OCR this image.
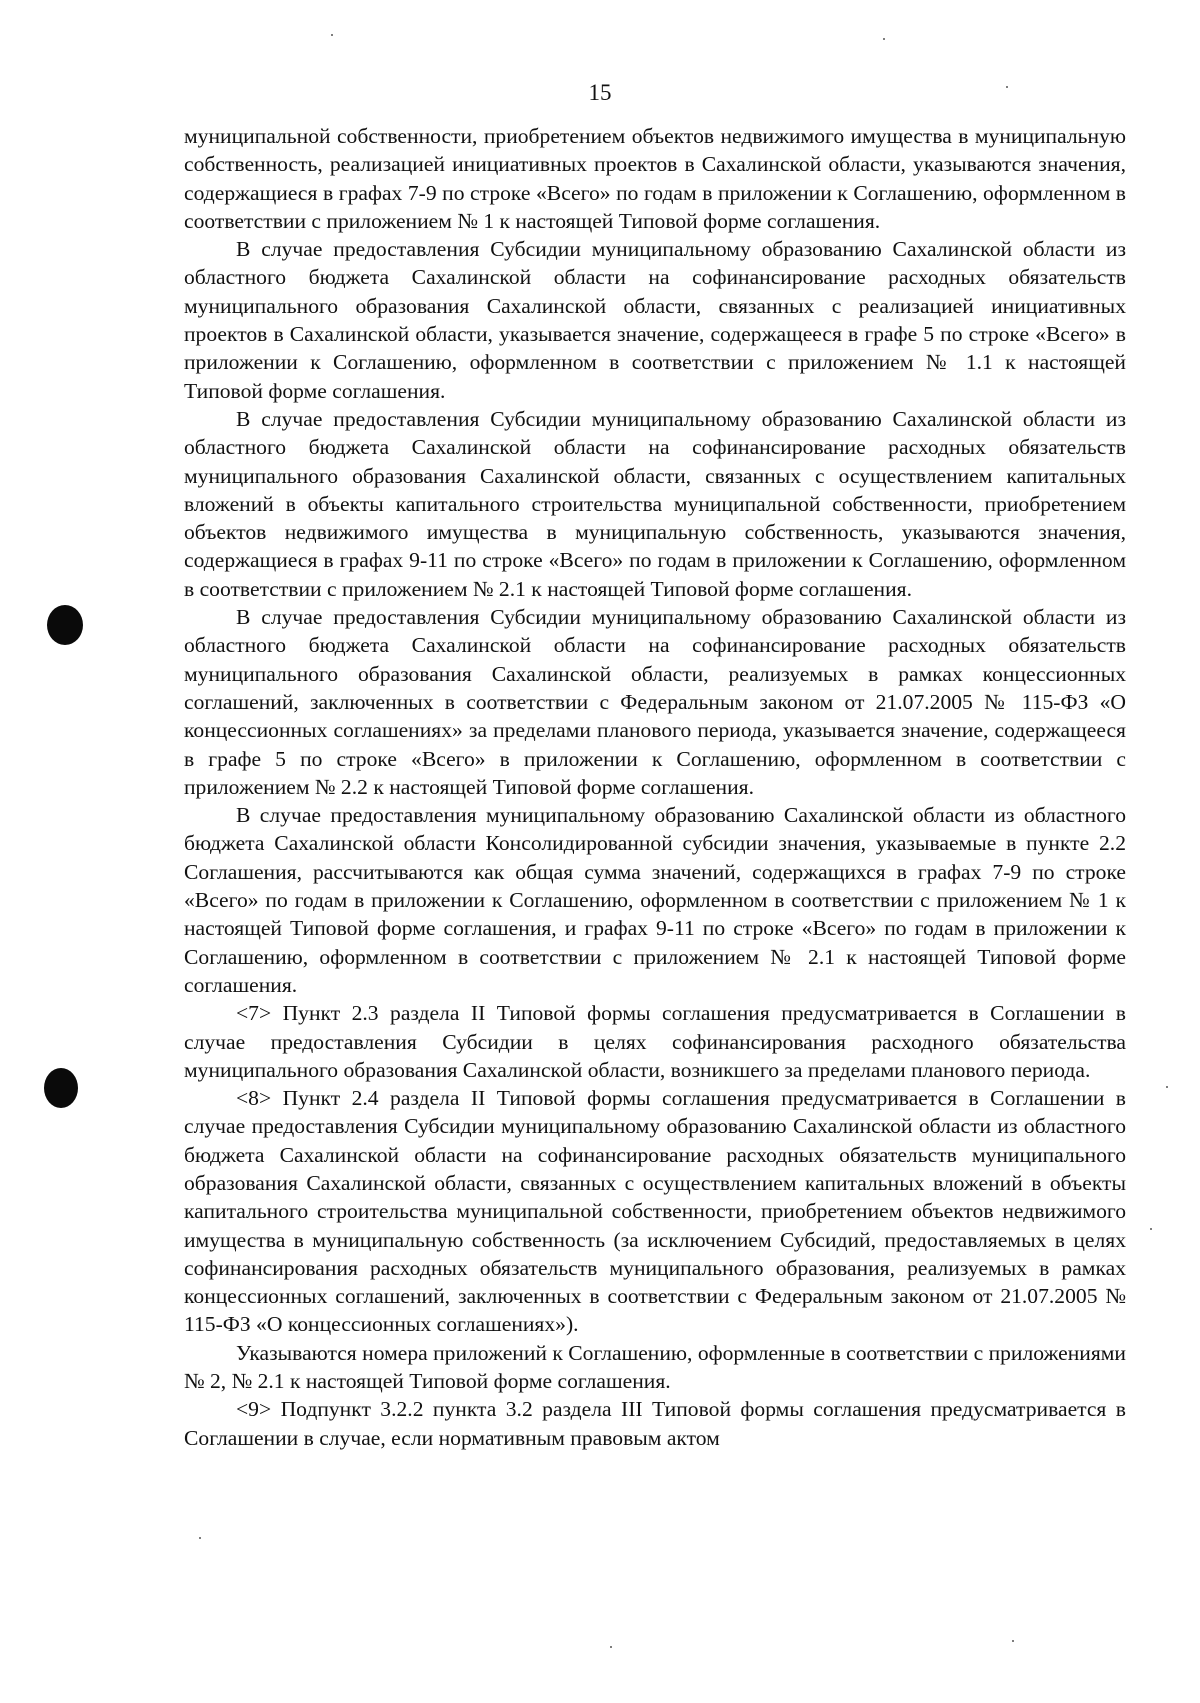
15

муниципальной собственности, приобретением объектов недвижимого имущества в муниципальную собственность, реализацией инициативных проектов в Сахалинской области, указываются значения, содержащиеся в графах 7-9 по строке «Всего» по годам в приложении к Соглашению, оформленном в соответствии с приложением № 1 к настоящей Типовой форме соглашения.

В случае предоставления Субсидии муниципальному образованию Сахалинской области из областного бюджета Сахалинской области на софинансирование расходных обязательств муниципального образования Сахалинской области, связанных с реализацией инициативных проектов в Сахалинской области, указывается значение, содержащееся в графе 5 по строке «Всего» в приложении к Соглашению, оформленном в соответствии с приложением № 1.1 к настоящей Типовой форме соглашения.

В случае предоставления Субсидии муниципальному образованию Сахалинской области из областного бюджета Сахалинской области на софинансирование расходных обязательств муниципального образования Сахалинской области, связанных с осуществлением капитальных вложений в объекты капитального строительства муниципальной собственности, приобретением объектов недвижимого имущества в муниципальную собственность, указываются значения, содержащиеся в графах 9-11 по строке «Всего» по годам в приложении к Соглашению, оформленном в соответствии с приложением № 2.1 к настоящей Типовой форме соглашения.

В случае предоставления Субсидии муниципальному образованию Сахалинской области из областного бюджета Сахалинской области на софинансирование расходных обязательств муниципального образования Сахалинской области, реализуемых в рамках концессионных соглашений, заключенных в соответствии с Федеральным законом от 21.07.2005 № 115-ФЗ «О концессионных соглашениях» за пределами планового периода, указывается значение, содержащееся в графе 5 по строке «Всего» в приложении к Соглашению, оформленном в соответствии с приложением № 2.2 к настоящей Типовой форме соглашения.

В случае предоставления муниципальному образованию Сахалинской области из областного бюджета Сахалинской области Консолидированной субсидии значения, указываемые в пункте 2.2 Соглашения, рассчитываются как общая сумма значений, содержащихся в графах 7-9 по строке «Всего» по годам в приложении к Соглашению, оформленном в соответствии с приложением № 1 к настоящей Типовой форме соглашения, и графах 9-11 по строке «Всего» по годам в приложении к Соглашению, оформленном в соответствии с приложением № 2.1 к настоящей Типовой форме соглашения.

<7> Пункт 2.3 раздела II Типовой формы соглашения предусматривается в Соглашении в случае предоставления Субсидии в целях софинансирования расходного обязательства муниципального образования Сахалинской области, возникшего за пределами планового периода.

<8> Пункт 2.4 раздела II Типовой формы соглашения предусматривается в Соглашении в случае предоставления Субсидии муниципальному образованию Сахалинской области из областного бюджета Сахалинской области на софинансирование расходных обязательств муниципального образования Сахалинской области, связанных с осуществлением капитальных вложений в объекты капитального строительства муниципальной собственности, приобретением объектов недвижимого имущества в муниципальную собственность (за исключением Субсидий, предоставляемых в целях софинансирования расходных обязательств муниципального образования, реализуемых в рамках концессионных соглашений, заключенных в соответствии с Федеральным законом от 21.07.2005 № 115-ФЗ «О концессионных соглашениях»).

Указываются номера приложений к Соглашению, оформленные в соответствии с приложениями № 2, № 2.1 к настоящей Типовой форме соглашения.

<9> Подпункт 3.2.2 пункта 3.2 раздела III Типовой формы соглашения предусматривается в Соглашении в случае, если нормативным правовым актом
